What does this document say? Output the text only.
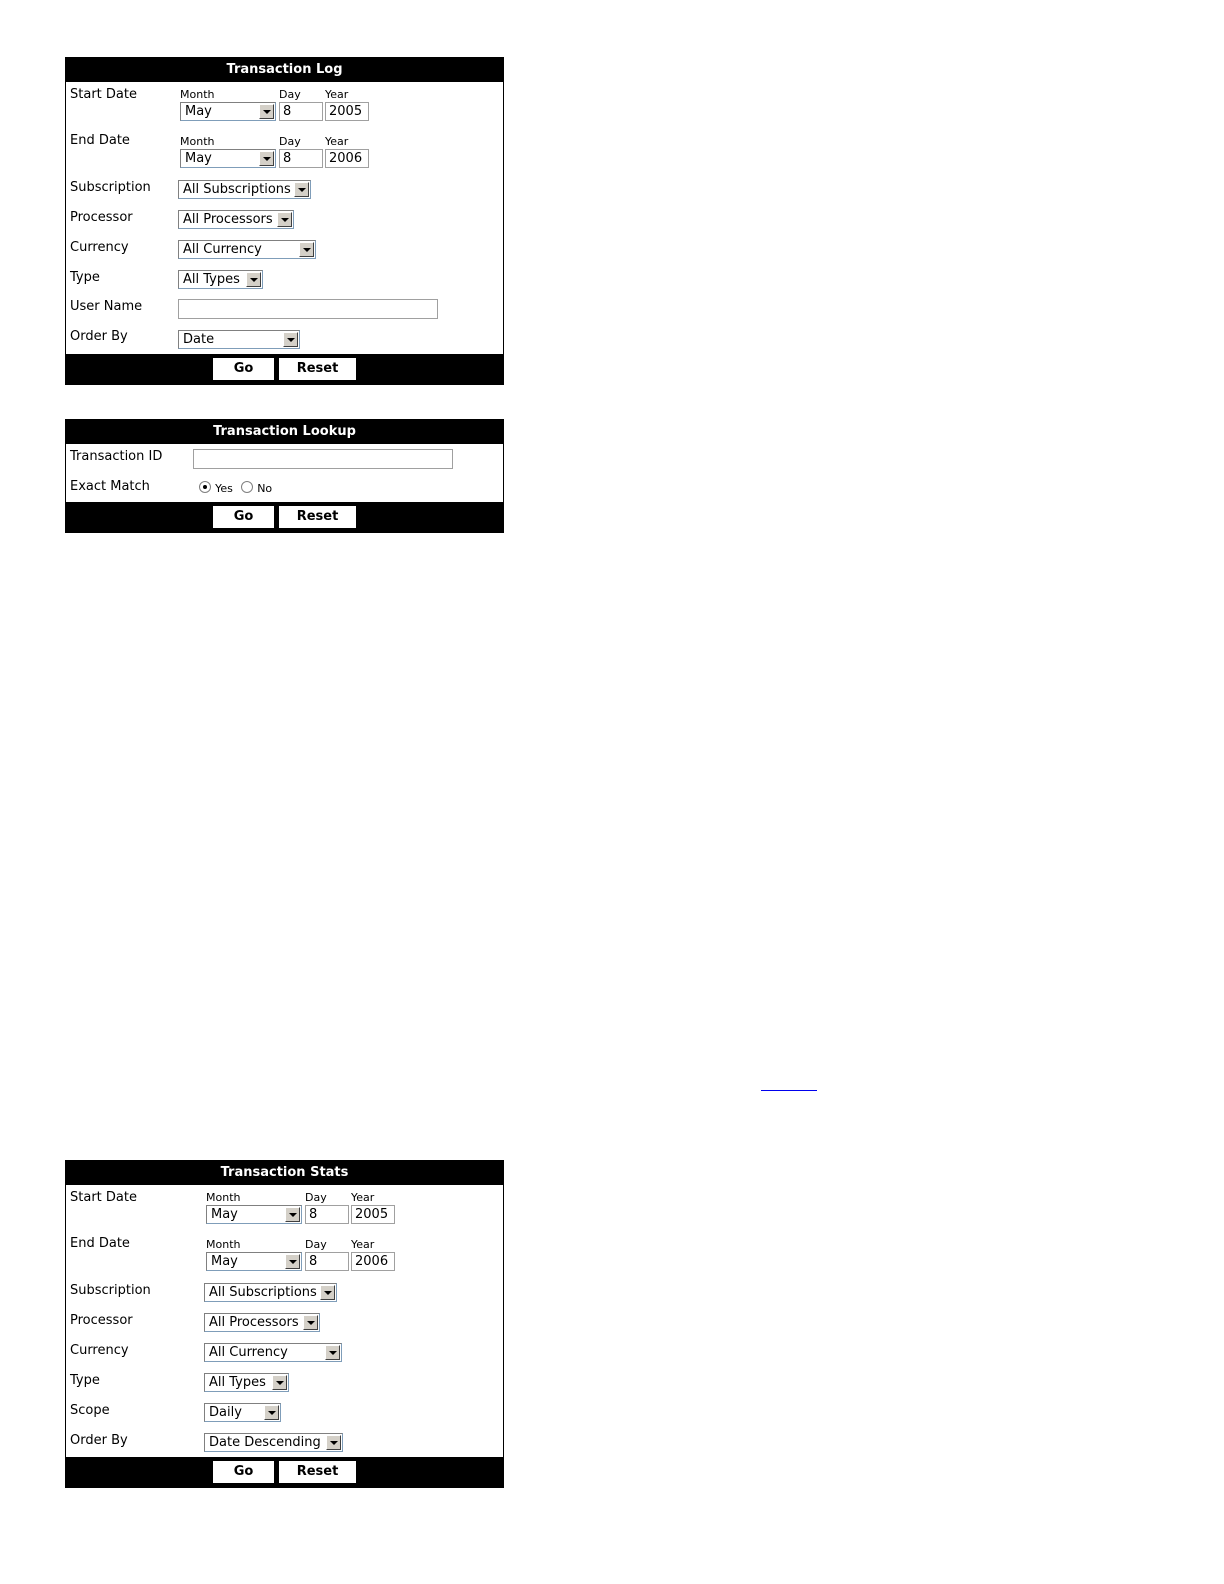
Transaction Log
Start Date	Month	Day Year
May	8	2005
End Date	Month	Day Year
May	8	2006
Subscription	All Subscriptions
Processor	All Processors
Currency	All Currency
Type	All Types
User Name
Order By	Date
Go	Reset
Transaction Lookup
Transaction ID
Exact Match	Yes No
Go	Reset
Transaction Stats
Start Date	Month	Day Year
May	8	2005
End Date	Month	Day Year
May	8	2006
Subscription	All Subscriptions
Processor	All Processors
Currency	All Currency
Type	All Types
Scope	Daily
Order By	Date Descending
Go	Reset
